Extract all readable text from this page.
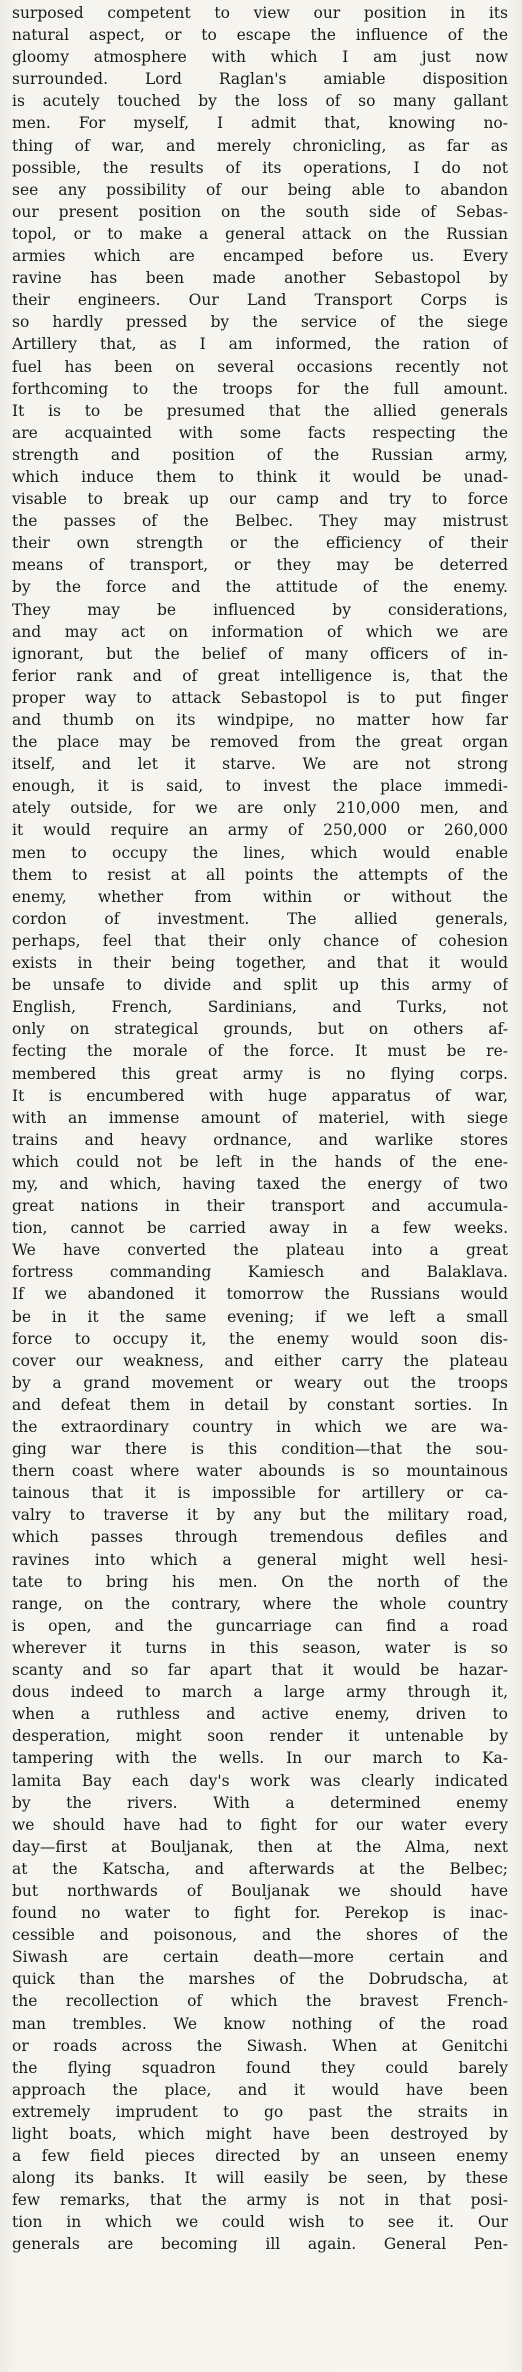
surposed competent to view our position in its
natural aspect, or to escape the influence of the
gloomy atmosphere with which I am just now
surrounded. Lord Raglan's amiable disposition
is acutely touched by the loss of so many gallant
men. For myself, I admit that, knowing no-
thing of war, and merely chronicling, as far as
possible, the results of its operations, I do not
see any possibility of our being able to abandon
our present position on the south side of Sebas-
topol, or to make a general attack on the Russian
armies which are encamped before us. Every
ravine has been made another Sebastopol by
their engineers. Our Land Transport Corps is
so hardly pressed by the service of the siege
Artillery that, as I am informed, the ration of
fuel has been on several occasions recently not
forthcoming to the troops for the full amount.
It is to be presumed that the allied generals
are acquainted with some facts respecting the
strength and position of the Russian army,
which induce them to think it would be unad-
visable to break up our camp and try to force
the passes of the Belbec. They may mistrust
their own strength or the efficiency of their
means of transport, or they may be deterred
by the force and the attitude of the enemy.
They may be influenced by considerations,
and may act on information of which we are
ignorant, but the belief of many officers of in-
ferior rank and of great intelligence is, that the
proper way to attack Sebastopol is to put finger
and thumb on its windpipe, no matter how far
the place may be removed from the great organ
itself, and let it starve. We are not strong
enough, it is said, to invest the place immedi-
ately outside, for we are only 210,000 men, and
it would require an army of 250,000 or 260,000
men to occupy the lines, which would enable
them to resist at all points the attempts of the
enemy, whether from within or without the
cordon of investment. The allied generals,
perhaps, feel that their only chance of cohesion
exists in their being together, and that it would
be unsafe to divide and split up this army of
English, French, Sardinians, and Turks, not
only on strategical grounds, but on others af-
fecting the morale of the force. It must be re-
membered this great army is no flying corps.
It is encumbered with huge apparatus of war,
with an immense amount of materiel, with siege
trains and heavy ordnance, and warlike stores
which could not be left in the hands of the ene-
my, and which, having taxed the energy of two
great nations in their transport and accumula-
tion, cannot be carried away in a few weeks.
We have converted the plateau into a great
fortress commanding Kamiesch and Balaklava.
If we abandoned it tomorrow the Russians would
be in it the same evening; if we left a small
force to occupy it, the enemy would soon dis-
cover our weakness, and either carry the plateau
by a grand movement or weary out the troops
and defeat them in detail by constant sorties. In
the extraordinary country in which we are wa-
ging war there is this condition—that the sou-
thern coast where water abounds is so mountainous
tainous that it is impossible for artillery or ca-
valry to traverse it by any but the military road,
which passes through tremendous defiles and
ravines into which a general might well hesi-
tate to bring his men. On the north of the
range, on the contrary, where the whole country
is open, and the guncarriage can find a road
wherever it turns in this season, water is so
scanty and so far apart that it would be hazar-
dous indeed to march a large army through it,
when a ruthless and active enemy, driven to
desperation, might soon render it untenable by
tampering with the wells. In our march to Ka-
lamita Bay each day's work was clearly indicated
by the rivers. With a determined enemy
we should have had to fight for our water every
day—first at Bouljanak, then at the Alma, next
at the Katscha, and afterwards at the Belbec;
but northwards of Bouljanak we should have
found no water to fight for. Perekop is inac-
cessible and poisonous, and the shores of the
Siwash are certain death—more certain and
quick than the marshes of the Dobrudscha, at
the recollection of which the bravest French-
man trembles. We know nothing of the road
or roads across the Siwash. When at Genitchi
the flying squadron found they could barely
approach the place, and it would have been
extremely imprudent to go past the straits in
light boats, which might have been destroyed by
a few field pieces directed by an unseen enemy
along its banks. It will easily be seen, by these
few remarks, that the army is not in that posi-
tion in which we could wish to see it. Our
generals are becoming ill again. General Pen-
